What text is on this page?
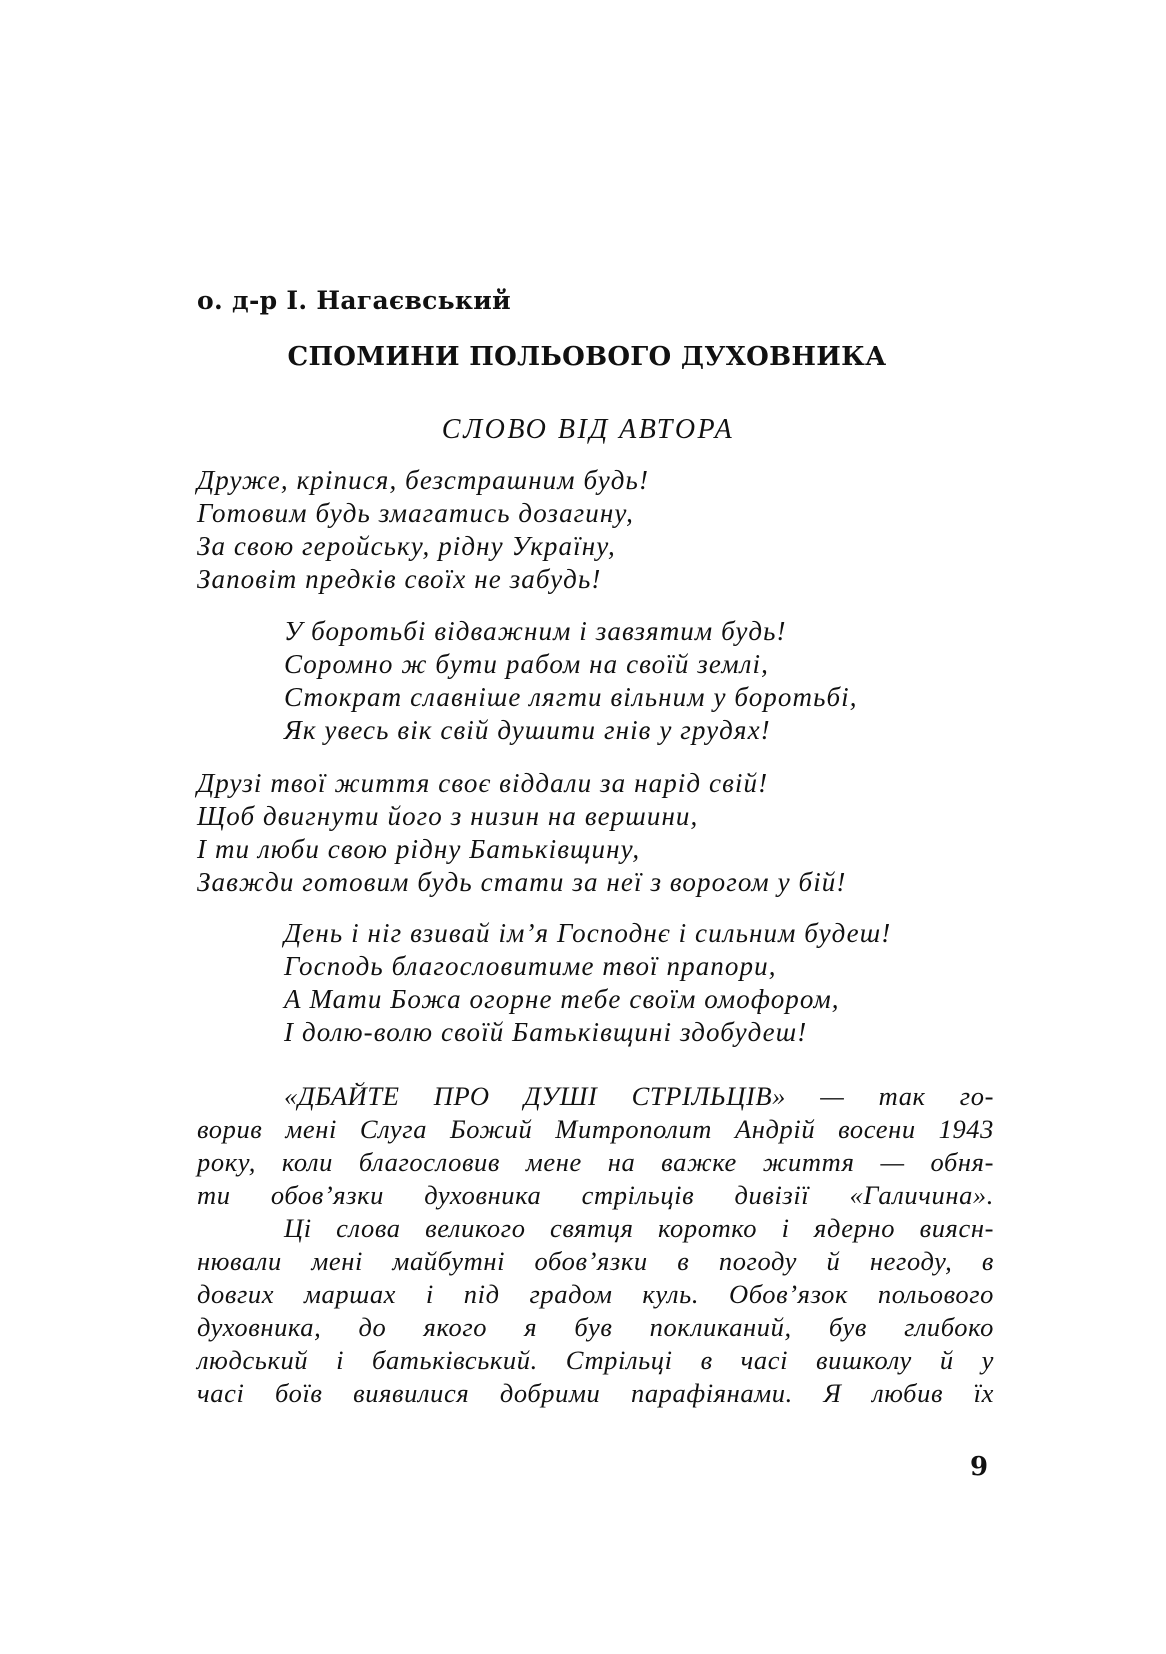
о. д-р І. Нагаєвський
СПОМИНИ ПОЛЬОВОГО ДУХОВНИКА
СЛОВО ВІД АВТОРА
Друже, кріпися, безстрашним будь!
Готовим будь змагатись дозагину,
За свою геройську, рідну Україну,
Заповіт предків своїх не забудь!
У боротьбі відважним і завзятим будь!
Соромно ж бути рабом на своїй землі,
Стократ славніше лягти вільним у боротьбі,
Як увесь вік свій душити гнів у грудях!
Друзі твої життя своє віддали за нарід свій!
Щоб двигнути його з низин на вершини,
І ти люби свою рідну Батьківщину,
Завжди готовим будь стати за неї з ворогом у бій!
День і ніг взивай ім’я Господнє і сильним будеш!
Господь благословитиме твої прапори,
А Мати Божа огорне тебе своїм омофором,
І долю-волю своїй Батьківщині здобудеш!

«ДБАЙТЕ ПРО ДУШІ СТРІЛЬЦІВ» — так го-
ворив мені Слуга Божий Митрополит Андрій восени 1943
року, коли благословив мене на важке життя — обня-
ти обов’язки духовника стрільців дивізії «Галичина».

Ці слова великого святця коротко і ядерно виясн-
нювали мені майбутні обов’язки в погоду й негоду, в
довгих маршах і під градом куль. Обов’язок польового
духовника, до якого я був покликаний, був глибоко
людський і батьківський. Стрільці в часі вишколу й у
часі боїв виявилися добрими парафіянами. Я любив їх

9
